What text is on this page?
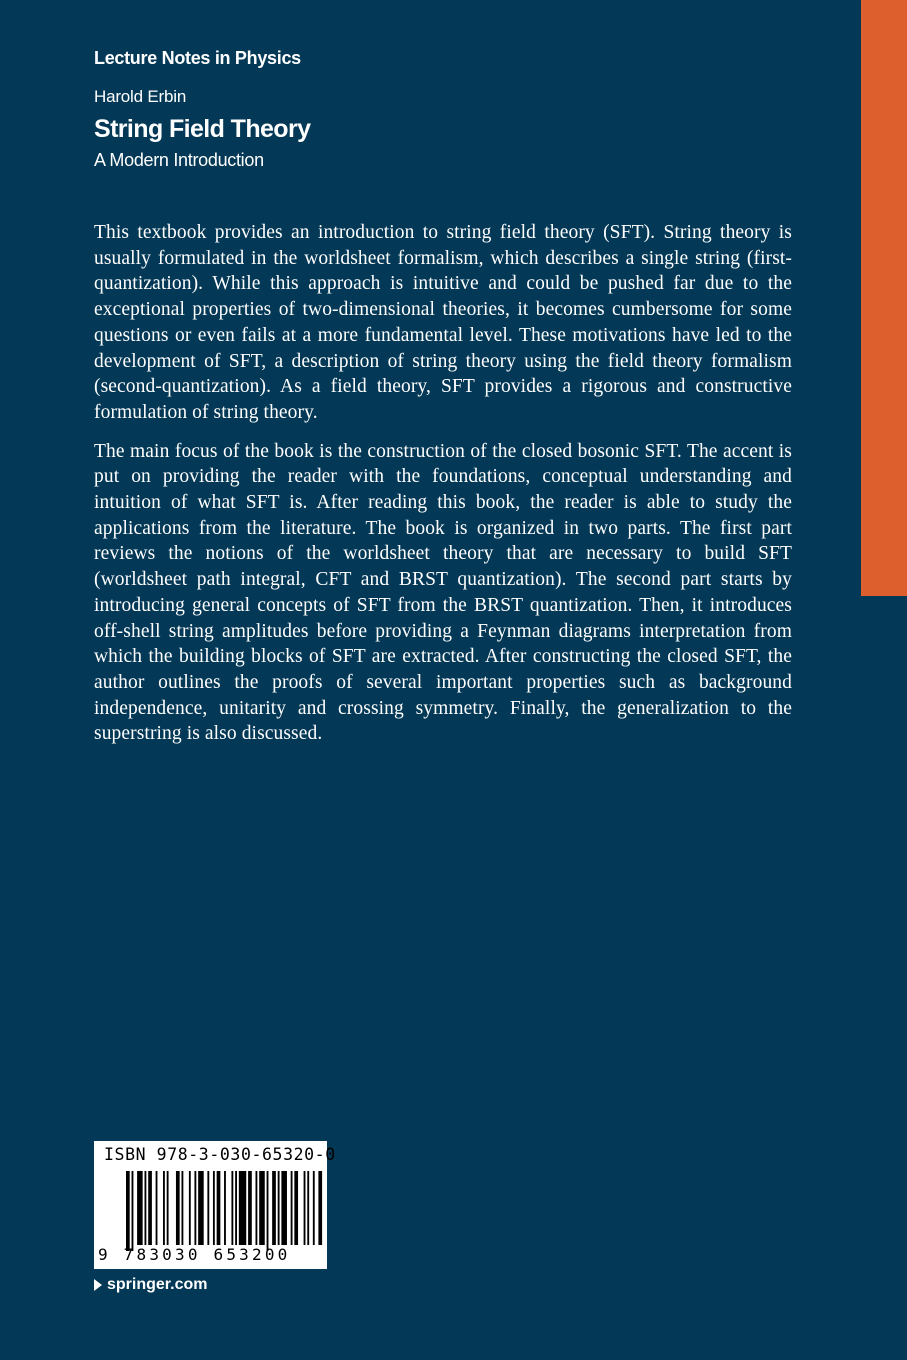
Lecture Notes in Physics
Harold Erbin
String Field Theory
A Modern Introduction

This textbook provides an introduction to string field theory (SFT). String theory is usually formulated in the worldsheet formalism, which describes a single string (first-quantization). While this approach is intuitive and could be pushed far due to the exceptional properties of two-dimensional theories, it becomes cumbersome for some questions or even fails at a more fundamental level. These motivations have led to the development of SFT, a description of string theory using the field theory formalism (second-quantization). As a field theory, SFT provides a rigorous and constructive formulation of string theory.

The main focus of the book is the construction of the closed bosonic SFT. The accent is put on providing the reader with the foundations, conceptual understanding and intuition of what SFT is. After reading this book, the reader is able to study the applications from the literature. The book is organized in two parts. The first part reviews the notions of the worldsheet theory that are necessary to build SFT (worldsheet path integral, CFT and BRST quantization). The second part starts by introducing general concepts of SFT from the BRST quantization. Then, it introduces off-shell string amplitudes before providing a Feynman diagrams interpretation from which the building blocks of SFT are extracted. After constructing the closed SFT, the author outlines the proofs of several important properties such as background independence, unitarity and crossing symmetry. Finally, the generalization to the superstring is also discussed.

ISBN 978-3-030-65320-0
9 783030 653200
springer.com
